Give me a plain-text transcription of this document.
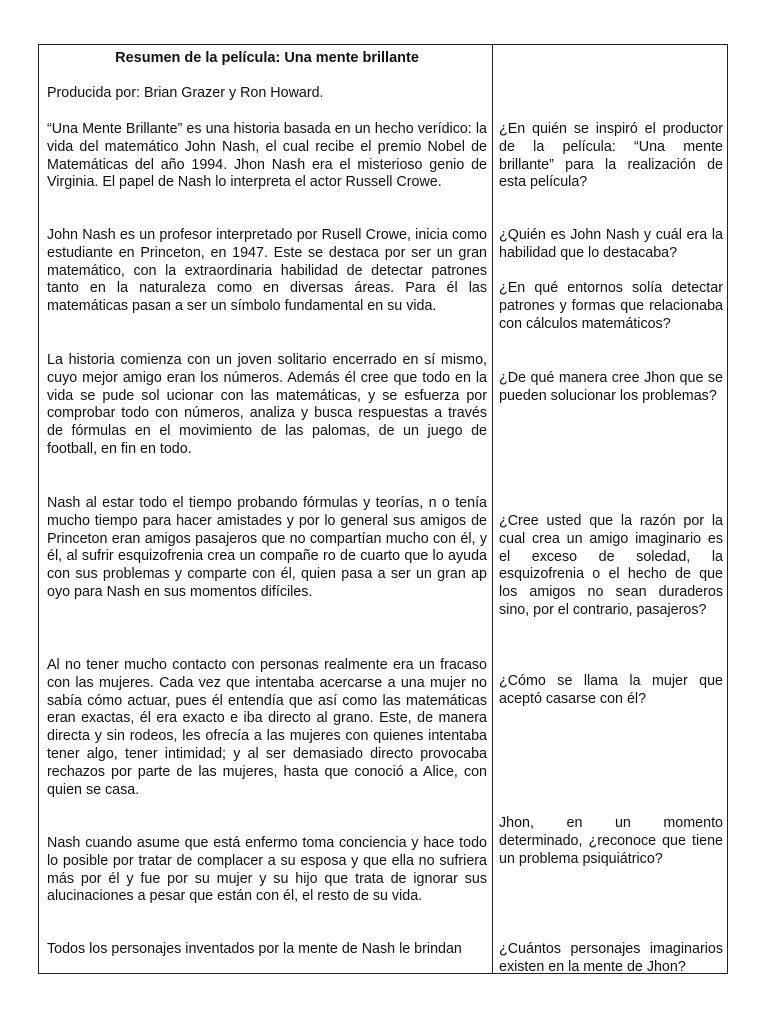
Resumen de la película: Una mente brillante

Producida por: Brian Grazer y Ron Howard.

“Una Mente Brillante” es una historia basada en un hecho verídico: la vida del matemático John Nash, el cual recibe el premio Nobel de Matemáticas del año 1994. Jhon Nash era el misterioso genio de Virginia. El papel de Nash lo interpreta el actor Russell Crowe.

John Nash es un profesor interpretado por Rusell Crowe, inicia como estudiante en Princeton, en 1947. Este se destaca por ser un gran matemático, con la extraordinaria habilidad de detectar patrones tanto en la naturaleza como en diversas áreas. Para él las matemáticas pasan a ser un símbolo fundamental en su vida.

La historia comienza con un joven solitario encerrado en sí mismo, cuyo mejor amigo eran los números. Además él cree que todo en la vida se pude sol ucionar con las matemáticas, y se esfuerza por comprobar todo con números, analiza y busca respuestas a través de fórmulas en el movimiento de las palomas, de un juego de football, en fin en todo.

Nash al estar todo el tiempo probando fórmulas y teorías, n o tenía mucho tiempo para hacer amistades y por lo general sus amigos de Princeton eran amigos pasajeros que no compartían mucho con él, y él, al sufrir esquizofrenia crea un compañe ro de cuarto que lo ayuda con sus problemas y comparte con él, quien pasa a ser un gran ap oyo para Nash en sus momentos difíciles.

Al no tener mucho contacto con personas realmente era un fracaso con las mujeres. Cada vez que intentaba acercarse a una mujer no sabía cómo actuar, pues él entendía que así como las matemáticas eran exactas, él era exacto e iba directo al grano. Este, de manera directa y sin rodeos, les ofrecía a las mujeres con quienes intentaba tener algo, tener intimidad; y al ser demasiado directo provocaba rechazos por parte de las mujeres, hasta que conoció a Alice, con quien se casa.

Nash cuando asume que está enfermo toma conciencia y hace todo lo posible por tratar de complacer a su esposa y que ella no sufriera más por él y fue por su mujer y su hijo que trata de ignorar sus alucinaciones a pesar que están con él, el resto de su vida.

Todos los personajes inventados por la mente de Nash le brindan

¿En quién se inspiró el productor de la película: “Una mente brillante” para la realización de esta película?

¿Quién es John Nash y cuál era la habilidad que lo destacaba?

¿En qué entornos solía detectar patrones y formas que relacionaba con cálculos matemáticos?

¿De qué manera cree Jhon que se pueden solucionar los problemas?

¿Cree usted que la razón por la cual crea un amigo imaginario es el exceso de soledad, la esquizofrenia o el hecho de que los amigos no sean duraderos sino, por el contrario, pasajeros?

¿Cómo se llama la mujer que aceptó casarse con él?

Jhon, en un momento determinado, ¿reconoce que tiene un problema psiquiátrico?

¿Cuántos personajes imaginarios existen en la mente de Jhon?
